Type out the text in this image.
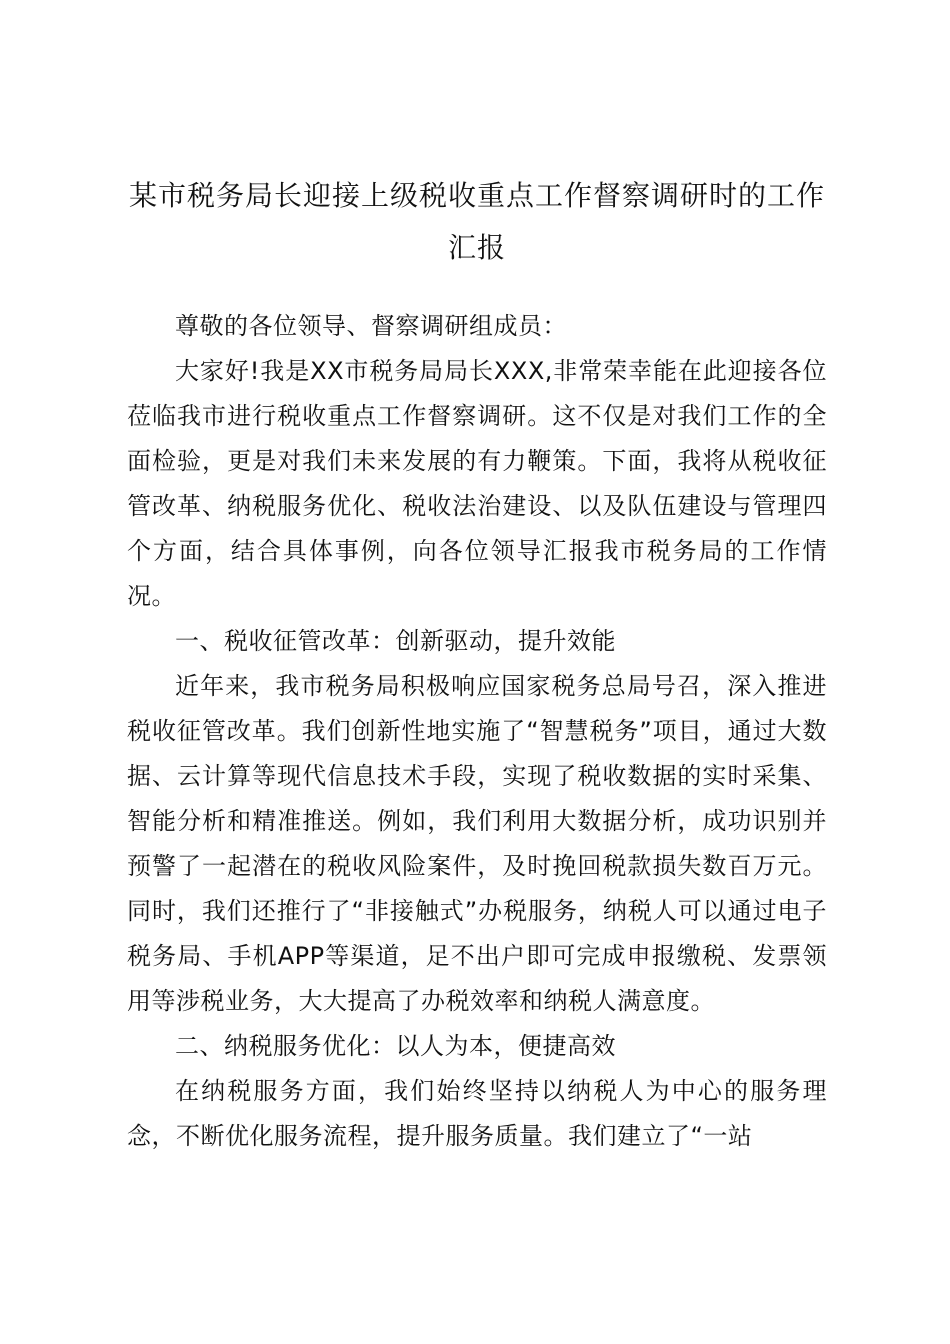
某市税务局长迎接上级税收重点工作督察调研时的工作汇报

尊敬的各位领导、督察调研组成员：

大家好!我是XX市税务局局长XXX,非常荣幸能在此迎接各位莅临我市进行税收重点工作督察调研。这不仅是对我们工作的全面检验，更是对我们未来发展的有力鞭策。下面，我将从税收征管改革、纳税服务优化、税收法治建设、以及队伍建设与管理四个方面，结合具体事例，向各位领导汇报我市税务局的工作情况。

一、税收征管改革：创新驱动，提升效能

近年来，我市税务局积极响应国家税务总局号召，深入推进税收征管改革。我们创新性地实施了“智慧税务”项目，通过大数据、云计算等现代信息技术手段，实现了税收数据的实时采集、智能分析和精准推送。例如，我们利用大数据分析，成功识别并预警了一起潜在的税收风险案件，及时挽回税款损失数百万元。同时，我们还推行了“非接触式”办税服务，纳税人可以通过电子税务局、手机APP等渠道，足不出户即可完成申报缴税、发票领用等涉税业务，大大提高了办税效率和纳税人满意度。

二、纳税服务优化：以人为本，便捷高效

在纳税服务方面，我们始终坚持以纳税人为中心的服务理念，不断优化服务流程，提升服务质量。我们建立了“一站
